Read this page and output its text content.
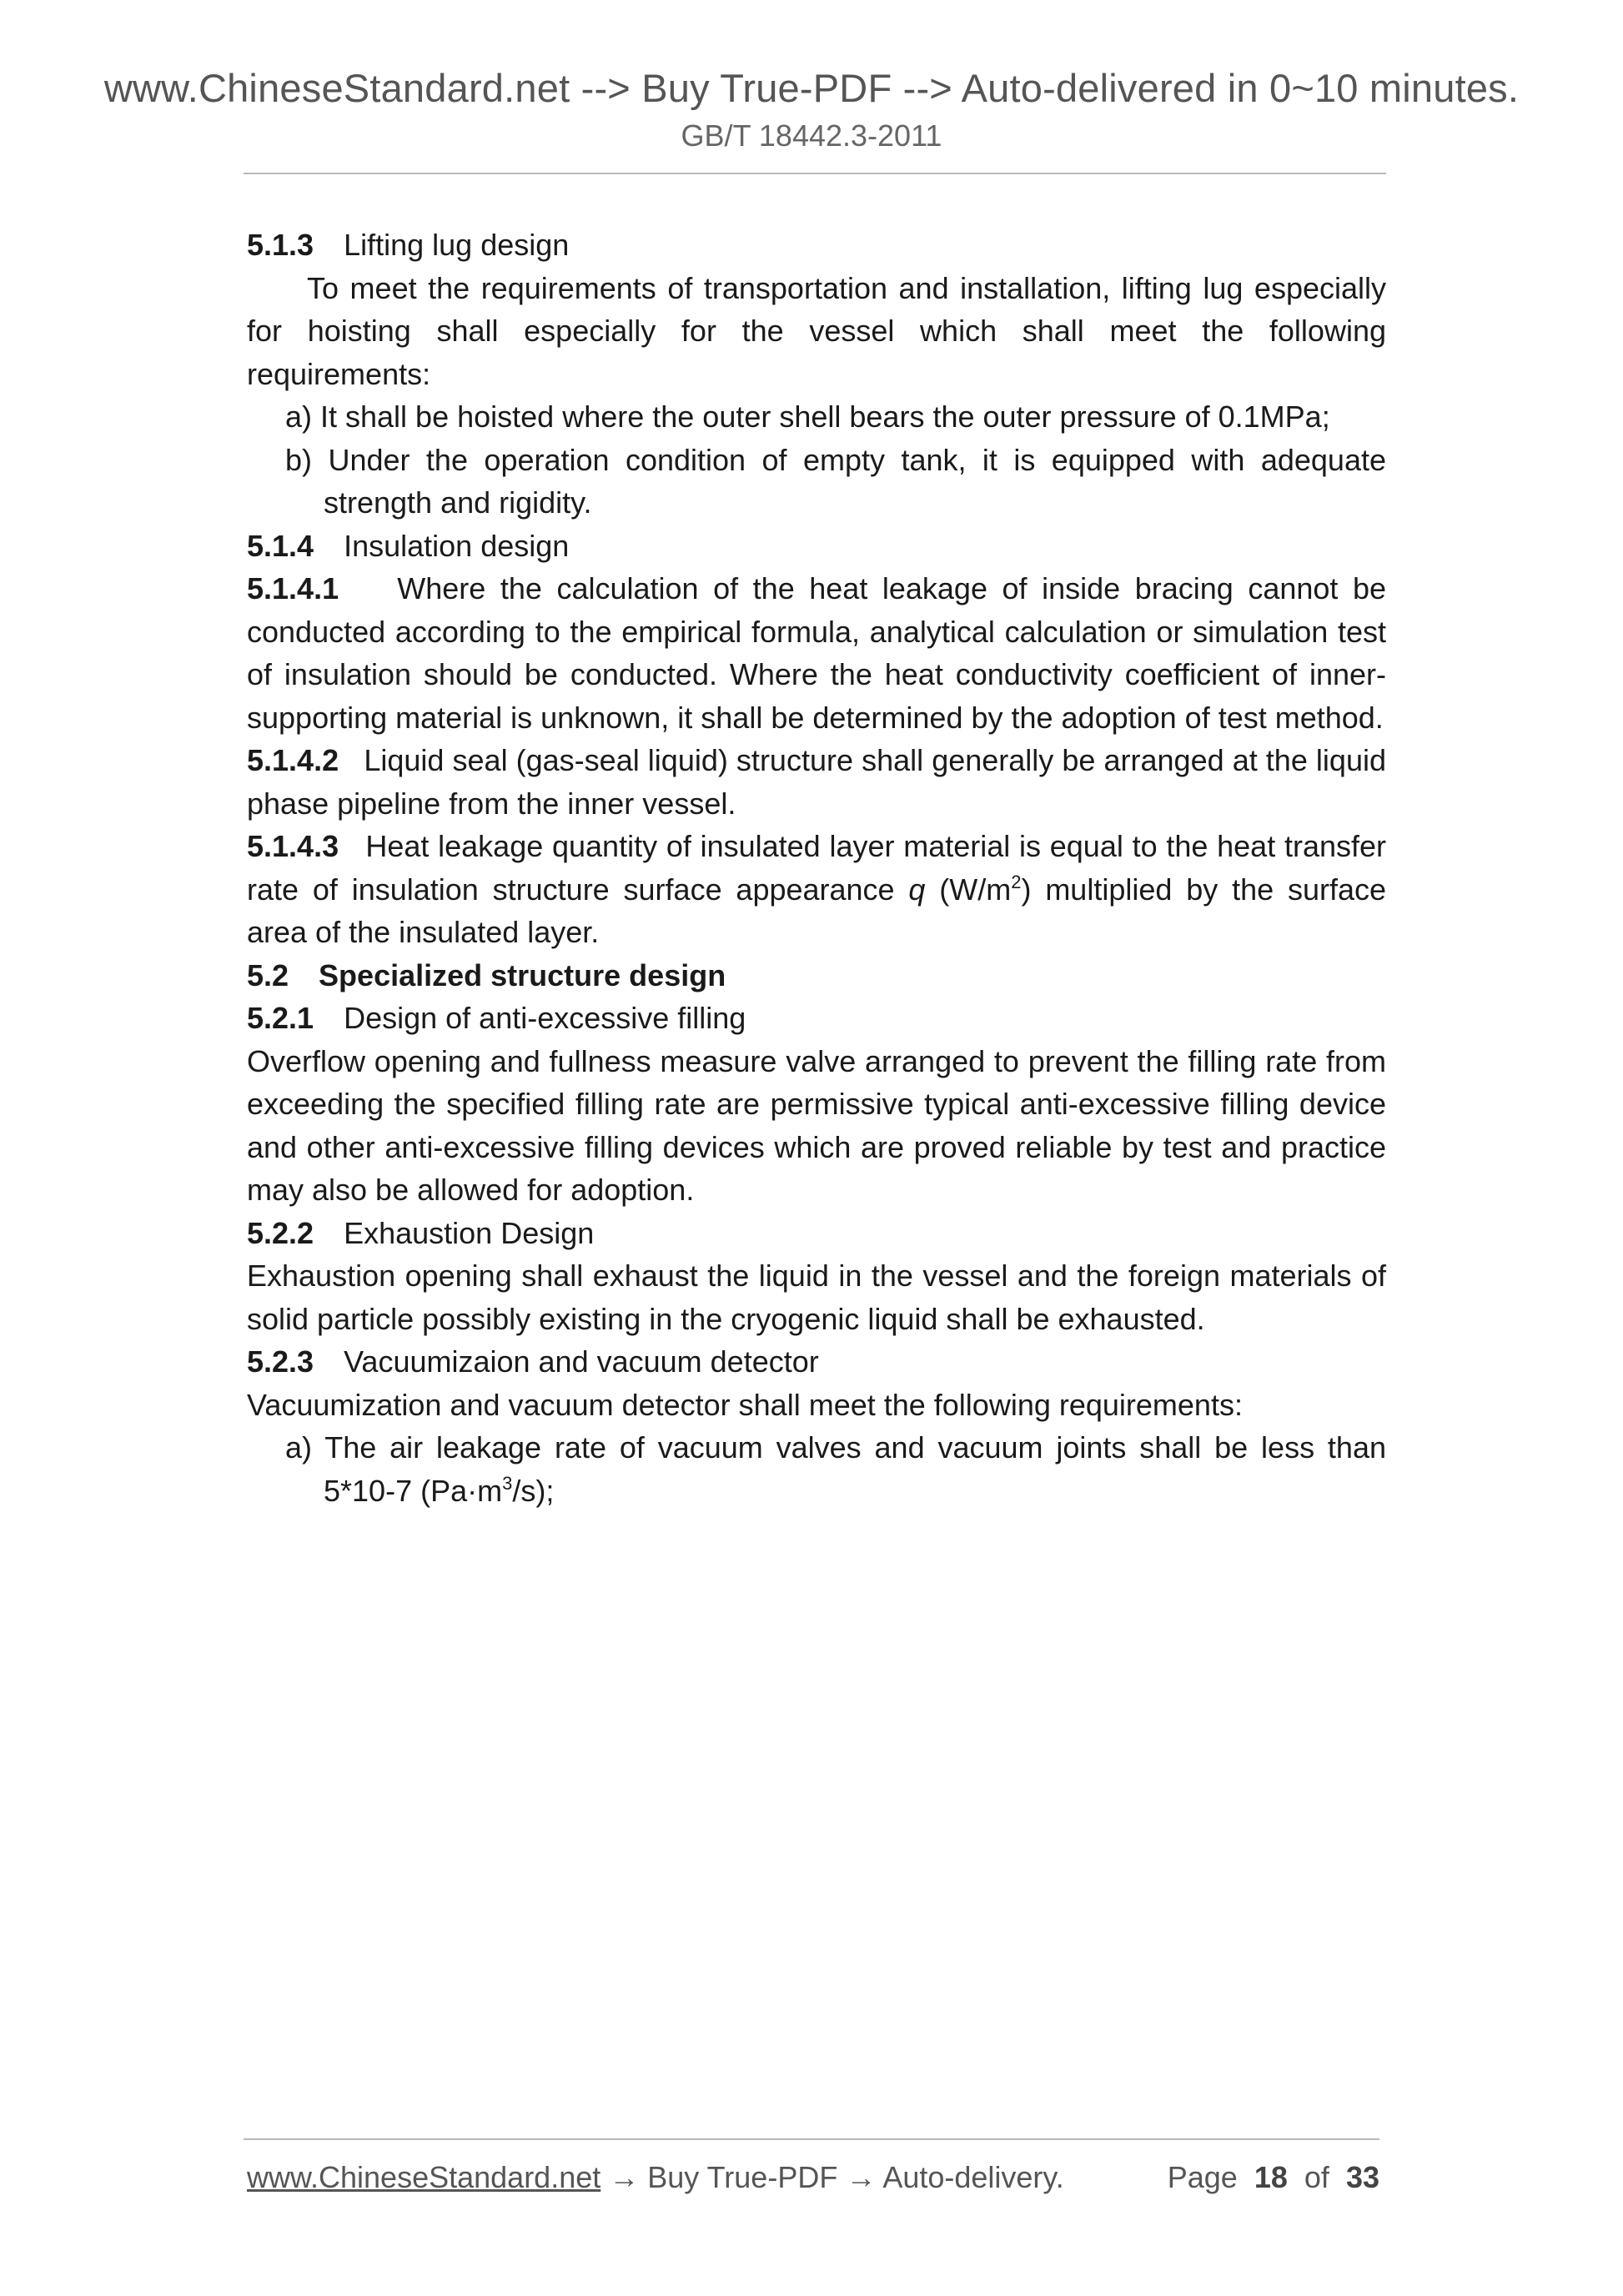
www.ChineseStandard.net --> Buy True-PDF --> Auto-delivered in 0~10 minutes.
GB/T 18442.3-2011

5.1.3 Lifting lug design

To meet the requirements of transportation and installation, lifting lug especially for hoisting shall especially for the vessel which shall meet the following requirements:

a) It shall be hoisted where the outer shell bears the outer pressure of 0.1MPa;

b) Under the operation condition of empty tank, it is equipped with adequate strength and rigidity.

5.1.4 Insulation design

5.1.4.1 Where the calculation of the heat leakage of inside bracing cannot be conducted according to the empirical formula, analytical calculation or simulation test of insulation should be conducted. Where the heat conductivity coefficient of inner-supporting material is unknown, it shall be determined by the adoption of test method.

5.1.4.2 Liquid seal (gas-seal liquid) structure shall generally be arranged at the liquid phase pipeline from the inner vessel.

5.1.4.3 Heat leakage quantity of insulated layer material is equal to the heat transfer rate of insulation structure surface appearance q $(W/m^2)$ multiplied by the surface area of the insulated layer.

5.2 Specialized structure design

5.2.1 Design of anti-excessive filling

Overflow opening and fullness measure valve arranged to prevent the filling rate from exceeding the specified filling rate are permissive typical anti-excessive filling device and other anti-excessive filling devices which are proved reliable by test and practice may also be allowed for adoption.

5.2.2 Exhaustion Design

Exhaustion opening shall exhaust the liquid in the vessel and the foreign materials of solid particle possibly existing in the cryogenic liquid shall be exhausted.

5.2.3 Vacuumizaion and vacuum detector

Vacuumization and vacuum detector shall meet the following requirements:

a) The air leakage rate of vacuum valves and vacuum joints shall be less than 5*10-7 $(Pa\cdot m^3/s)$;

www.ChineseStandard.net → Buy True-PDF → Auto-delivery.	Page 18 of 33
